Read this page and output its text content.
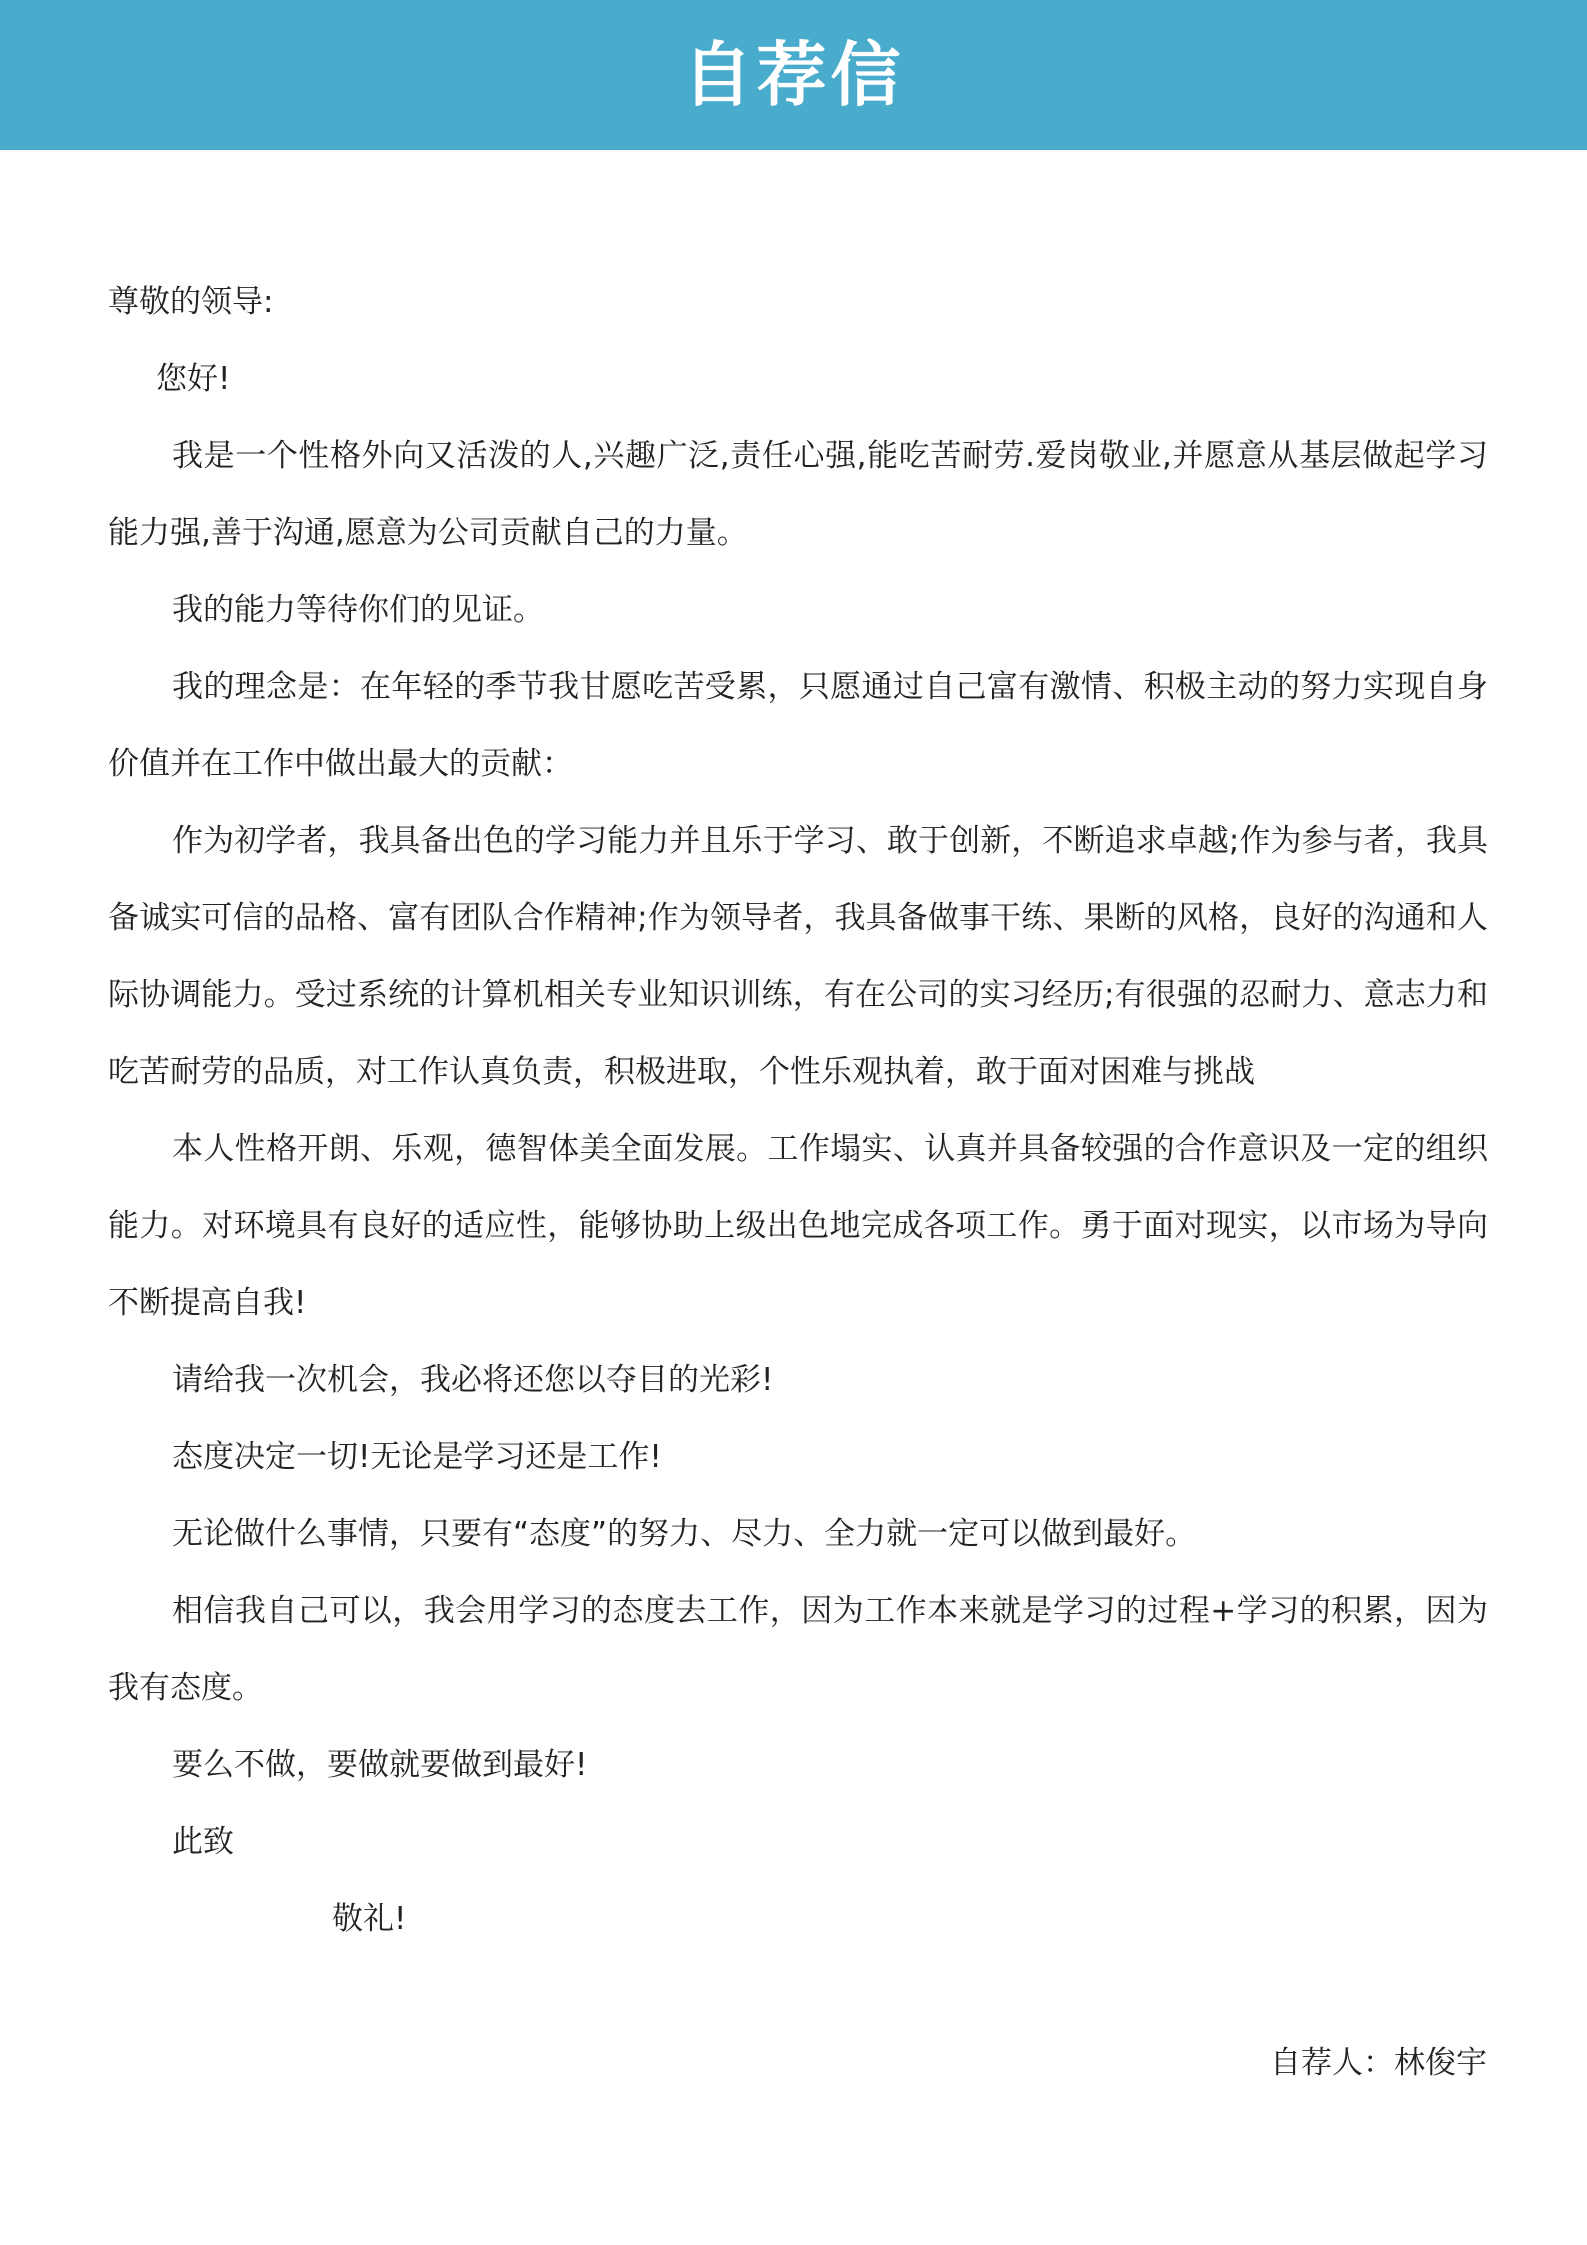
自荐信

尊敬的领导:

您好!

我是一个性格外向又活泼的人,兴趣广泛,责任心强,能吃苦耐劳.爱岗敬业,并愿意从基层做起学习能力强,善于沟通,愿意为公司贡献自己的力量。

我的能力等待你们的见证。

我的理念是：在年轻的季节我甘愿吃苦受累，只愿通过自己富有激情、积极主动的努力实现自身价值并在工作中做出最大的贡献：

作为初学者，我具备出色的学习能力并且乐于学习、敢于创新，不断追求卓越;作为参与者，我具备诚实可信的品格、富有团队合作精神;作为领导者，我具备做事干练、果断的风格，良好的沟通和人际协调能力。受过系统的计算机相关专业知识训练，有在公司的实习经历;有很强的忍耐力、意志力和吃苦耐劳的品质，对工作认真负责，积极进取，个性乐观执着，敢于面对困难与挑战

本人性格开朗、乐观，德智体美全面发展。工作塌实、认真并具备较强的合作意识及一定的组织能力。对环境具有良好的适应性，能够协助上级出色地完成各项工作。勇于面对现实，以市场为导向不断提高自我!

请给我一次机会，我必将还您以夺目的光彩!

态度决定一切!无论是学习还是工作!

无论做什么事情，只要有“态度”的努力、尽力、全力就一定可以做到最好。

相信我自己可以，我会用学习的态度去工作，因为工作本来就是学习的过程+学习的积累，因为我有态度。

要么不做，要做就要做到最好!

此致

敬礼!

自荐人：林俊宇
